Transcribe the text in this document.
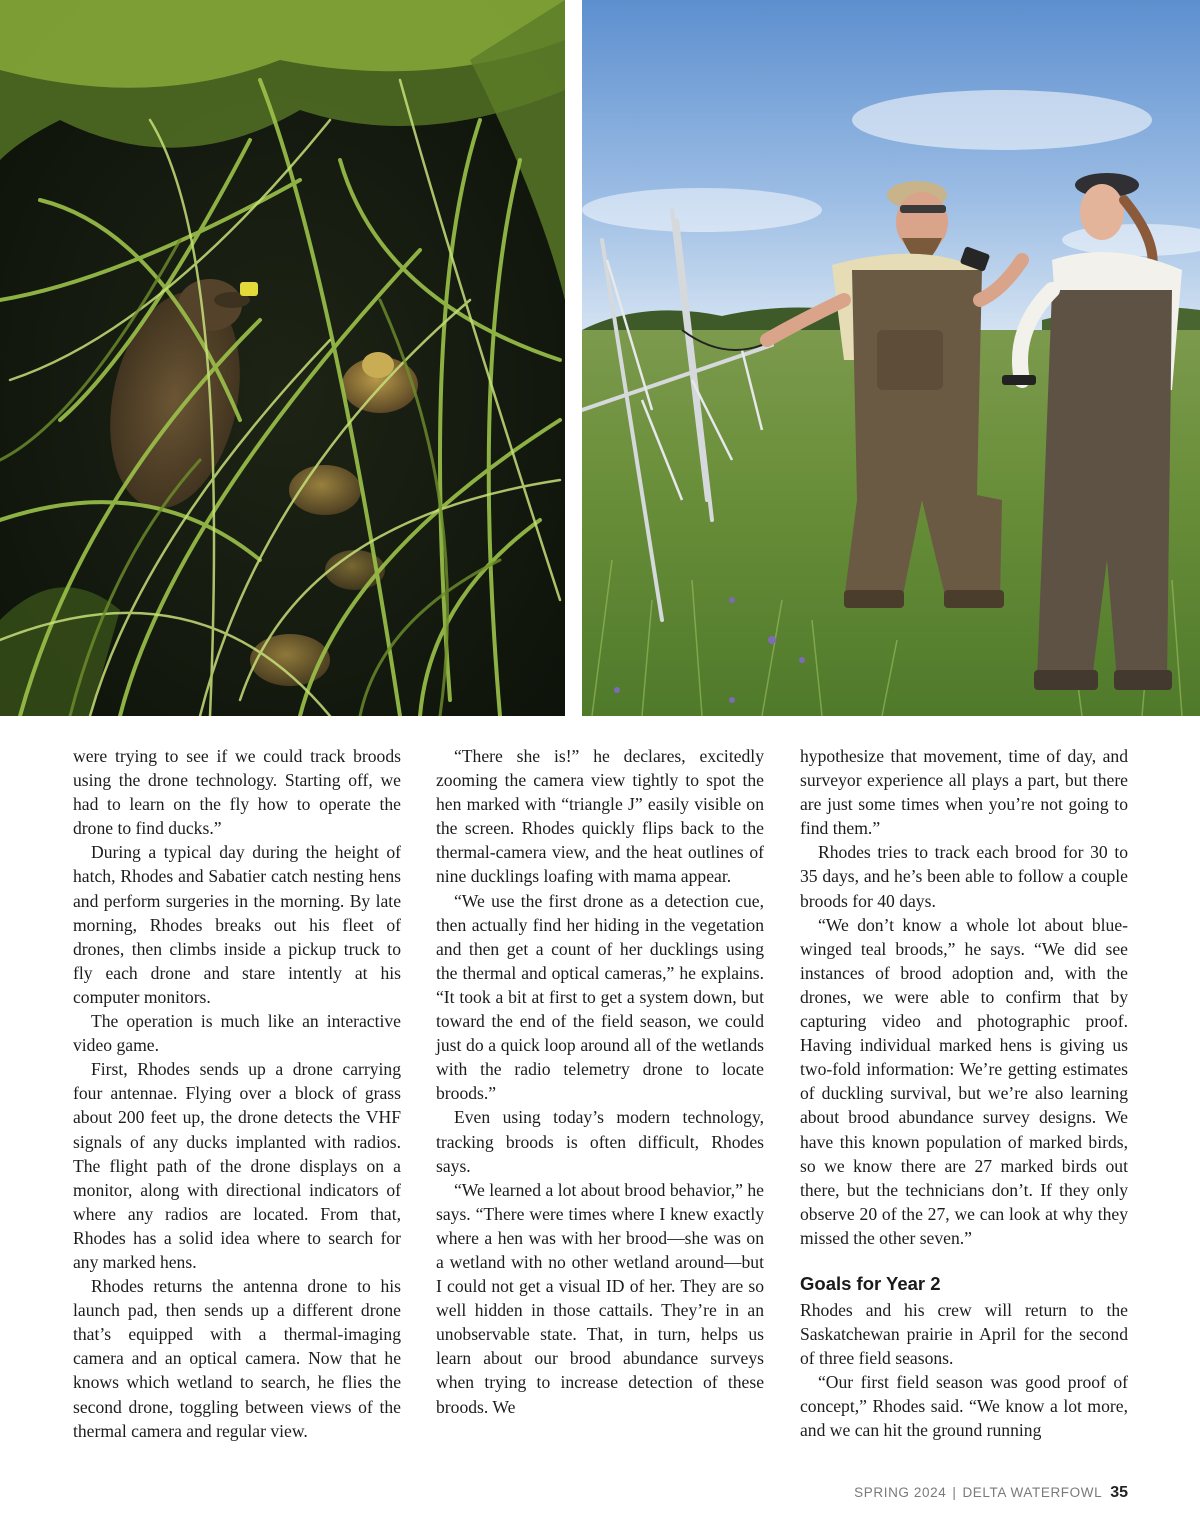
were trying to see if we could track broods using the drone technology. Starting off, we had to learn on the fly how to operate the drone to find ducks.”

During a typical day during the height of hatch, Rhodes and Sabatier catch nesting hens and perform surgeries in the morning. By late morning, Rhodes breaks out his fleet of drones, then climbs inside a pickup truck to fly each drone and stare intently at his computer monitors.

The operation is much like an interactive video game.

First, Rhodes sends up a drone carrying four antennae. Flying over a block of grass about 200 feet up, the drone detects the VHF signals of any ducks implanted with radios. The flight path of the drone displays on a monitor, along with directional indicators of where any radios are located. From that, Rhodes has a solid idea where to search for any marked hens.

Rhodes returns the antenna drone to his launch pad, then sends up a different drone that’s equipped with a thermal-imaging camera and an optical camera. Now that he knows which wetland to search, he flies the second drone, toggling between views of the thermal camera and regular view.

“There she is!” he declares, excitedly zooming the camera view tightly to spot the hen marked with “triangle J” easily visible on the screen. Rhodes quickly flips back to the thermal-camera view, and the heat outlines of nine ducklings loafing with mama appear.

“We use the first drone as a detection cue, then actually find her hiding in the vegetation and then get a count of her ducklings using the thermal and optical cameras,” he explains. “It took a bit at first to get a system down, but toward the end of the field season, we could just do a quick loop around all of the wetlands with the radio telemetry drone to locate broods.”

Even using today’s modern technology, tracking broods is often difficult, Rhodes says.

“We learned a lot about brood behavior,” he says. “There were times where I knew exactly where a hen was with her brood—she was on a wetland with no other wetland around—but I could not get a visual ID of her. They are so well hidden in those cattails. They’re in an unobservable state. That, in turn, helps us learn about our brood abundance surveys when trying to increase detection of these broods. We

hypothesize that movement, time of day, and surveyor experience all plays a part, but there are just some times when you’re not going to find them.”

Rhodes tries to track each brood for 30 to 35 days, and he’s been able to follow a couple broods for 40 days.

“We don’t know a whole lot about blue-winged teal broods,” he says. “We did see instances of brood adoption and, with the drones, we were able to confirm that by capturing video and photographic proof. Having individual marked hens is giving us two-fold information: We’re getting estimates of duckling survival, but we’re also learning about brood abundance survey designs. We have this known population of marked birds, so we know there are 27 marked birds out there, but the technicians don’t. If they only observe 20 of the 27, we can look at why they missed the other seven.”

Goals for Year 2

Rhodes and his crew will return to the Saskatchewan prairie in April for the second of three field seasons.

“Our first field season was good proof of concept,” Rhodes said. “We know a lot more, and we can hit the ground running

SPRING 2024 | DELTA WATERFOWL 35
